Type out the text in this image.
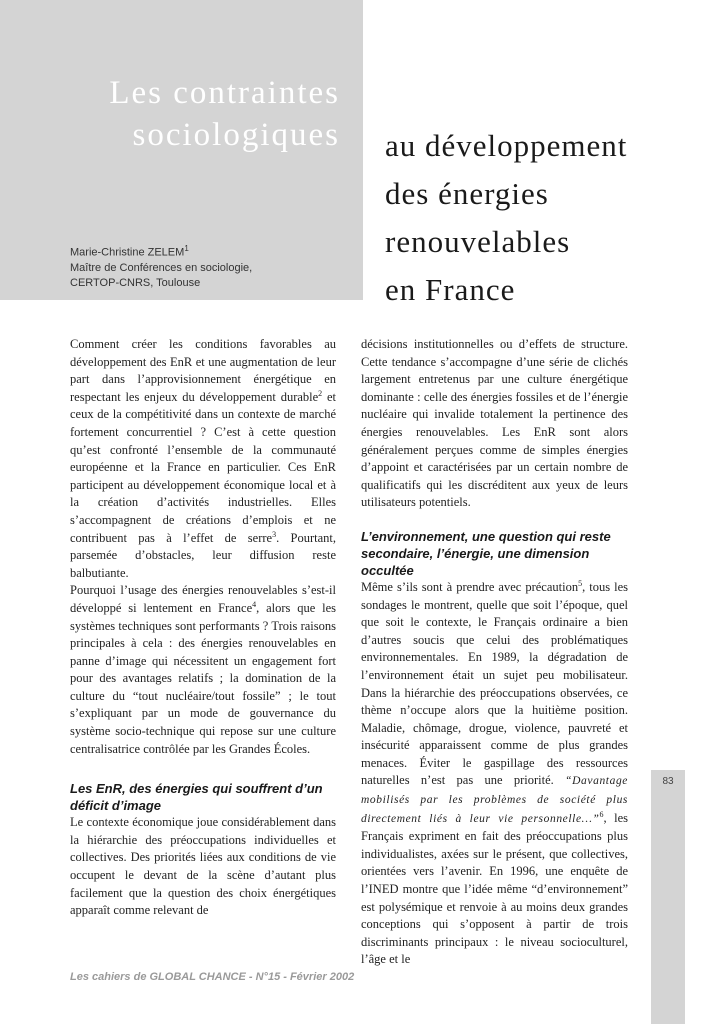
Les contraintes
sociologiques au développement
des énergies
renouvelables
en France
Marie-Christine ZELEM$^1$
Maître de Conférences en sociologie,
CERTOP-CNRS, Toulouse

Comment créer les conditions favorables au développement des EnR et une augmentation de leur part dans l’approvisionnement énergétique en respectant les enjeux du développement durable$^2$ et ceux de la compétitivité dans un contexte de marché fortement concurrentiel ? C’est à cette question qu’est confronté l’ensemble de la communauté européenne et la France en particulier. Ces EnR participent au développement économique local et à la création d’activités industrielles. Elles s’accompagnent de créations d’emplois et ne contribuent pas à l’effet de serre$^3$. Pourtant, parsemée d’obstacles, leur diffusion reste balbutiante.

Pourquoi l’usage des énergies renouvelables s’est-il développé si lentement en France$^4$, alors que les systèmes techniques sont performants ? Trois raisons principales à cela : des énergies renouvelables en panne d’image qui nécessitent un engagement fort pour des avantages relatifs ; la domination de la culture du “tout nucléaire/tout fossile” ; le tout s’expliquant par un mode de gouvernance du système socio-technique qui repose sur une culture centralisatrice contrôlée par les Grandes Écoles.

Les EnR, des énergies qui souffrent d’un déficit d’image

Le contexte économique joue considérablement dans la hiérarchie des préoccupations individuelles et collectives. Des priorités liées aux conditions de vie occupent le devant de la scène d’autant plus facilement que la question des choix énergétiques apparaît comme relevant de

décisions institutionnelles ou d’effets de structure. Cette tendance s’accompagne d’une série de clichés largement entretenus par une culture énergétique dominante : celle des énergies fossiles et de l’énergie nucléaire qui invalide totalement la pertinence des énergies renouvelables. Les EnR sont alors généralement perçues comme de simples énergies d’appoint et caractérisées par un certain nombre de qualificatifs qui les discréditent aux yeux de leurs utilisateurs potentiels.

L’environnement, une question qui reste secondaire, l’énergie, une dimension occultée

Même s’ils sont à prendre avec précaution$^5$, tous les sondages le montrent, quelle que soit l’époque, quel que soit le contexte, le Français ordinaire a bien d’autres soucis que celui des problématiques environnementales. En 1989, la dégradation de l’environnement était un sujet peu mobilisateur. Dans la hiérarchie des préoccupations observées, ce thème n’occupe alors que la huitième position. Maladie, chômage, drogue, violence, pauvreté et insécurité apparaissent comme de plus grandes menaces. Éviter le gaspillage des ressources naturelles n’est pas une priorité. “Davantage mobilisés par les problèmes de société plus directement liés à leur vie personnelle…”$^6$, les Français expriment en fait des préoccupations plus individualistes, axées sur le présent, que collectives, orientées vers l’avenir. En 1996, une enquête de l’INED montre que l’idée même “d’environnement” est polysémique et renvoie à au moins deux grandes conceptions qui s’opposent à partir de trois discriminants principaux : le niveau socioculturel, l’âge et le

83
Les cahiers de GLOBAL CHANCE - N°15 - Février 2002
